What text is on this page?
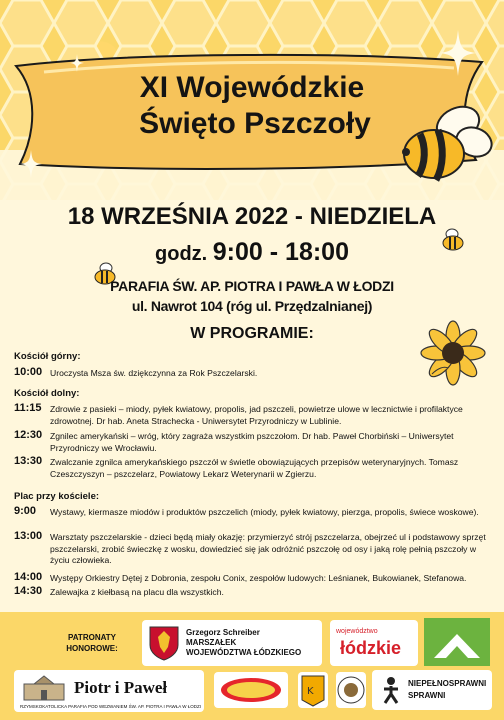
XI Wojewódzkie
Święto Pszczoły
18 WRZEŚNIA 2022 - NIEDZIELA
godz. 9:00 - 18:00
PARAFIA ŚW. AP. PIOTRA I PAWŁA W ŁODZI
ul. Nawrot 104 (róg ul. Przędzalnianej)
W PROGRAMIE:
Kościół górny:
10:00 Uroczysta Msza św. dziękczynna za Rok Pszczelarski.
Kościół dolny:
11:15 Zdrowie z pasieki – miody, pyłek kwiatowy, propolis, jad pszczeli, powietrze ulowe w lecznictwie i profilaktyce zdrowotnej. Dr hab. Aneta Strachecka - Uniwersytet Przyrodniczy w Lublinie.
12:30 Zgnilec amerykański – wróg, który zagraża wszystkim pszczołom. Dr hab. Paweł Chorbiński – Uniwersytet Przyrodniczy we Wrocławiu.
13:30 Zwalczanie zgnilca amerykańskiego pszczół w świetle obowiązujących przepisów weterynaryjnych. Tomasz Czeszczyszyn – pszczelarz, Powiatowy Lekarz Weterynarii w Zgierzu.
Plac przy kościele:
9:00 Wystawy, kiermasze miodów i produktów pszczelich (miody, pyłek kwiatowy, pierzga, propolis, świece woskowe).
13:00 Warsztaty pszczelarskie - dzieci będą miały okazję: przymierzyć strój pszczelarza, obejrzeć ul i podstawowy sprzęt pszczelarski, zrobić świeczkę z wosku, dowiedzieć się jak odróżnić pszczołę od osy i jaką rolę pełnią pszczoły w życiu człowieka.
14:00 Występy Orkiestry Dętej z Dobronia, zespołu Conix, zespołów ludowych: Leśnianek, Bukowianek, Stefanowa.
14:30 Zalewajka z kiełbasą na placu dla wszystkich.
PATRONATY
HONOROWE:
Grzegorz Schreiber
MARSZAŁEK
WOJEWÓDZTWA ŁÓDZKIEGO
województwo
łódzkie
Piotr i Paweł
RZYMSKOKATOLICKA PARAFIA POD WEZWANIEM ŚW. AP. PIOTRA I PAWŁA W ŁODZI
K
NIEPEŁNOSPRAWNI
SPRAWNI
